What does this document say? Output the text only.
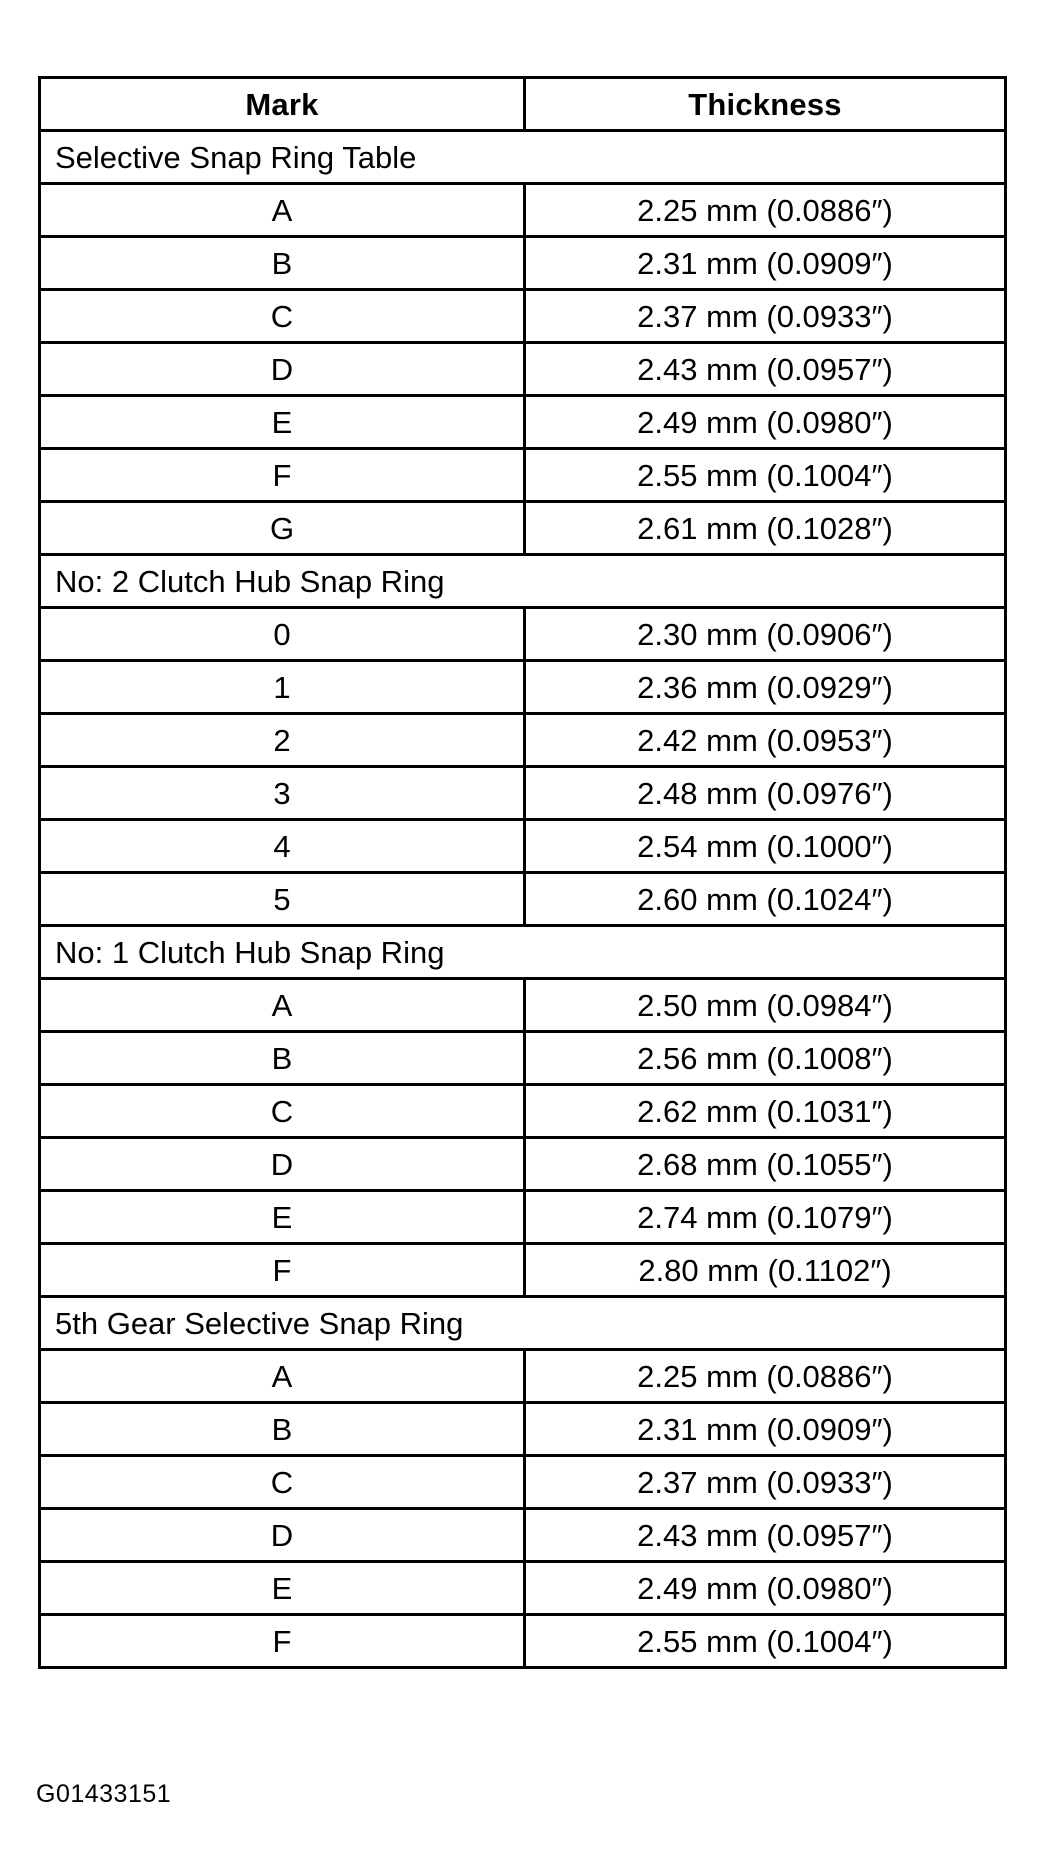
Mark	Thickness
Selective Snap Ring Table	
A	2.25 mm (0.0886″)
B	2.31 mm (0.0909″)
C	2.37 mm (0.0933″)
D	2.43 mm (0.0957″)
E	2.49 mm (0.0980″)
F	2.55 mm (0.1004″)
G	2.61 mm (0.1028″)
No: 2 Clutch Hub Snap Ring	
0	2.30 mm (0.0906″)
1	2.36 mm (0.0929″)
2	2.42 mm (0.0953″)
3	2.48 mm (0.0976″)
4	2.54 mm (0.1000″)
5	2.60 mm (0.1024″)
No: 1 Clutch Hub Snap Ring	
A	2.50 mm (0.0984″)
B	2.56 mm (0.1008″)
C	2.62 mm (0.1031″)
D	2.68 mm (0.1055″)
E	2.74 mm (0.1079″)
F	2.80 mm (0.1102″)
5th Gear Selective Snap Ring	
A	2.25 mm (0.0886″)
B	2.31 mm (0.0909″)
C	2.37 mm (0.0933″)
D	2.43 mm (0.0957″)
E	2.49 mm (0.0980″)
F	2.55 mm (0.1004″)
G01433151
